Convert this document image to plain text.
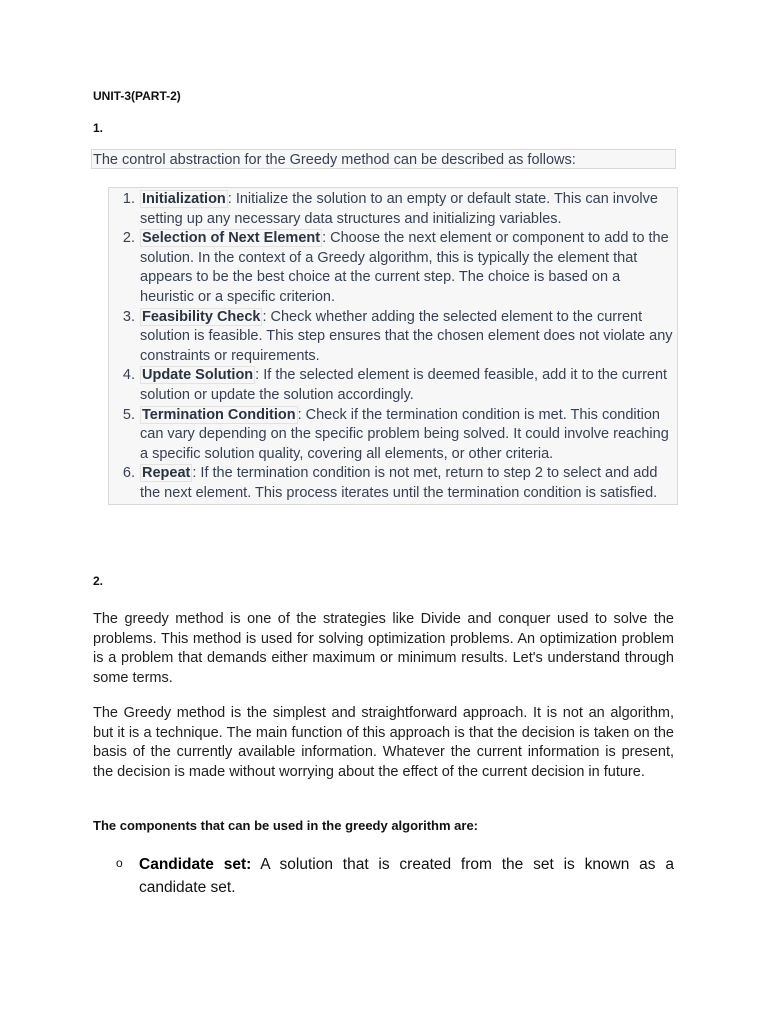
UNIT-3(PART-2)
1.
The control abstraction for the Greedy method can be described as follows:
1. Initialization : Initialize the solution to an empty or default state. This can involve setting up any necessary data structures and initializing variables.
2. Selection of Next Element : Choose the next element or component to add to the solution. In the context of a Greedy algorithm, this is typically the element that appears to be the best choice at the current step. The choice is based on a heuristic or a specific criterion.
3. Feasibility Check : Check whether adding the selected element to the current solution is feasible. This step ensures that the chosen element does not violate any constraints or requirements.
4. Update Solution : If the selected element is deemed feasible, add it to the current solution or update the solution accordingly.
5. Termination Condition : Check if the termination condition is met. This condition can vary depending on the specific problem being solved. It could involve reaching a specific solution quality, covering all elements, or other criteria.
6. Repeat : If the termination condition is not met, return to step 2 to select and add the next element. This process iterates until the termination condition is satisfied.
2.

The greedy method is one of the strategies like Divide and conquer used to solve the problems. This method is used for solving optimization problems. An optimization problem is a problem that demands either maximum or minimum results. Let's understand through some terms.

The Greedy method is the simplest and straightforward approach. It is not an algorithm, but it is a technique. The main function of this approach is that the decision is taken on the basis of the currently available information. Whatever the current information is present, the decision is made without worrying about the effect of the current decision in future.

The components that can be used in the greedy algorithm are:
o Candidate set: A solution that is created from the set is known as a candidate set.
